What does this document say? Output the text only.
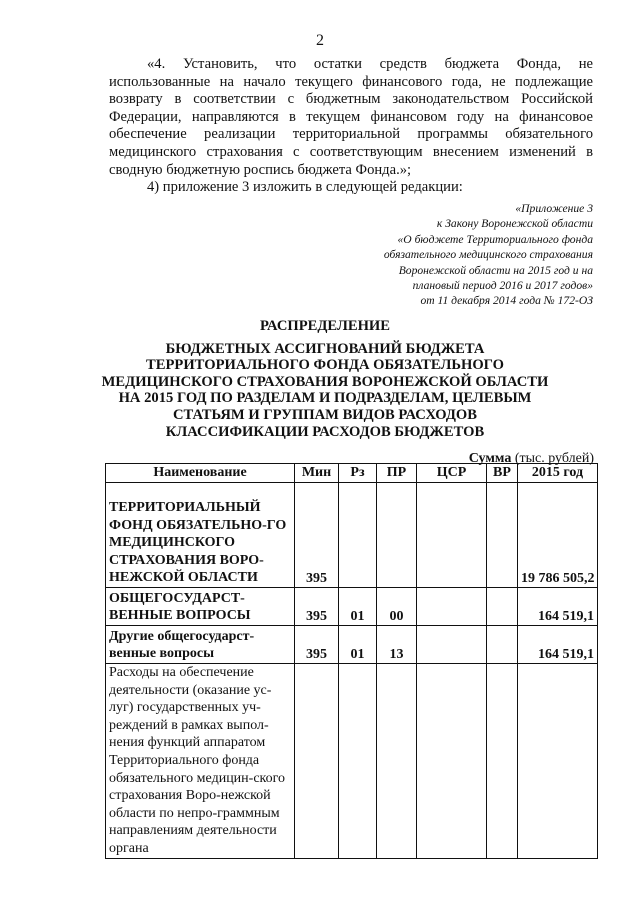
2

«4. Установить, что остатки средств бюджета Фонда, не использованные на начало текущего финансового года, не подлежащие возврату в соответствии с бюджетным законодательством Российской Федерации, направляются в текущем финансовом году на финансовое обеспечение реализации территориальной программы обязательного медицинского страхования с соответствующим внесением изменений в сводную бюджетную роспись бюджета Фонда.»;

4) приложение 3 изложить в следующей редакции:

«Приложение 3
к Закону Воронежской области
«О бюджете Территориального фонда
обязательного медицинского страхования
Воронежской области на 2015 год и на
плановый период 2016 и 2017 годов»
от 11 декабря 2014 года № 172-ОЗ
РАСПРЕДЕЛЕНИЕ
БЮДЖЕТНЫХ АССИГНОВАНИЙ БЮДЖЕТА ТЕРРИТОРИАЛЬНОГО ФОНДА ОБЯЗАТЕЛЬНОГО МЕДИЦИНСКОГО СТРАХОВАНИЯ ВОРОНЕЖСКОЙ ОБЛАСТИ НА 2015 ГОД ПО РАЗДЕЛАМ И ПОДРАЗДЕЛАМ, ЦЕЛЕВЫМ СТАТЬЯМ И ГРУППАМ ВИДОВ РАСХОДОВ КЛАССИФИКАЦИИ РАСХОДОВ БЮДЖЕТОВ
Сумма (тыс. рублей)
Наименование	Мин	Рз	ПР	ЦСР	ВР	2015 год
ТЕРРИТОРИАЛЬНЫЙ ФОНД ОБЯЗАТЕЛЬНО-ГО МЕДИЦИНСКОГО СТРАХОВАНИЯ ВОРО-НЕЖСКОЙ ОБЛАСТИ	395					19 786 505,2
ОБЩЕГОСУДАРСТ-ВЕННЫЕ ВОПРОСЫ	395	01	00			164 519,1
Другие общегосударст-венные вопросы	395	01	13			164 519,1
Расходы на обеспечение деятельности (оказание ус-луг) государственных уч-реждений в рамках выпол-нения функций аппаратом Территориального фонда обязательного медицин-ского страхования Воро-нежской области по непро-граммным направлениям деятельности органа						
